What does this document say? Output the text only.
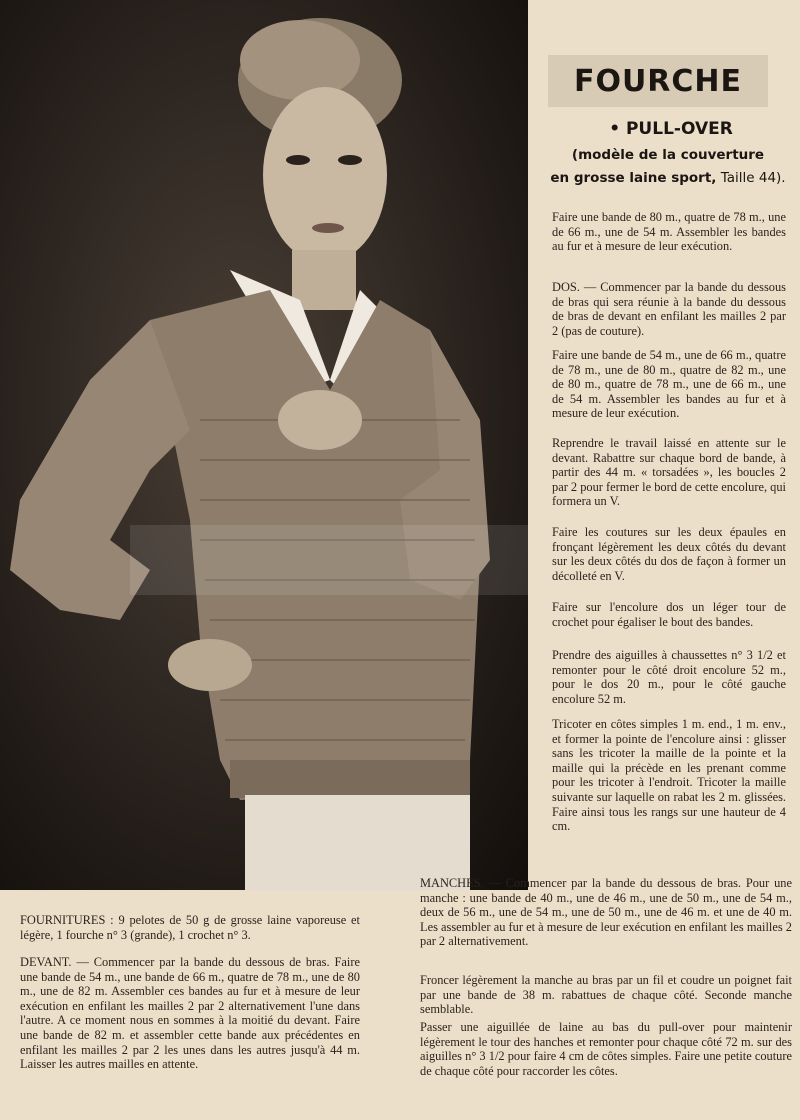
FOURCHE
• PULL-OVER
(modèle de la couverture
en grosse laine sport, Taille 44).
Faire une bande de 80 m., quatre de 78 m., une de 66 m., une de 54 m. Assembler les bandes au fur et à mesure de leur exécution.
DOS. — Commencer par la bande du dessous de bras qui sera réunie à la bande du dessous de bras de devant en enfilant les mailles 2 par 2 (pas de couture).
Faire une bande de 54 m., une de 66 m., quatre de 78 m., une de 80 m., quatre de 82 m., une de 80 m., quatre de 78 m., une de 66 m., une de 54 m. Assembler les bandes au fur et à mesure de leur exécution.
Reprendre le travail laissé en attente sur le devant. Rabattre sur chaque bord de bande, à partir des 44 m. « torsadées », les boucles 2 par 2 pour fermer le bord de cette encolure, qui formera un V.
Faire les coutures sur les deux épaules en fronçant légèrement les deux côtés du devant sur les deux côtés du dos de façon à former un décolleté en V.
Faire sur l'encolure dos un léger tour de crochet pour égaliser le bout des bandes.
Prendre des aiguilles à chaussettes n° 3 1/2 et remonter pour le côté droit encolure 52 m., pour le dos 20 m., pour le côté gauche encolure 52 m.
Tricoter en côtes simples 1 m. end., 1 m. env., et former la pointe de l'encolure ainsi : glisser sans les tricoter la maille de la pointe et la maille qui la précède en les prenant comme pour les tricoter à l'endroit. Tricoter la maille suivante sur laquelle on rabat les 2 m. glissées. Faire ainsi tous les rangs sur une hauteur de 4 cm.
MANCHES. — Commencer par la bande du dessous de bras. Pour une manche : une bande de 40 m., une de 46 m., une de 50 m., une de 54 m., deux de 56 m., une de 54 m., une de 50 m., une de 46 m. et une de 40 m. Les assembler au fur et à mesure de leur exécution en enfilant les mailles 2 par 2 alternativement.
Froncer légèrement la manche au bras par un fil et coudre un poignet fait par une bande de 38 m. rabattues de chaque côté. Seconde manche semblable.
Passer une aiguillée de laine au bas du pull-over pour maintenir légèrement le tour des hanches et remonter pour chaque côté 72 m. sur des aiguilles n° 3 1/2 pour faire 4 cm de côtes simples. Faire une petite couture de chaque côté pour raccorder les côtes.
FOURNITURES : 9 pelotes de 50 g de grosse laine vaporeuse et légère, 1 fourche n° 3 (grande), 1 crochet n° 3.
DEVANT. — Commencer par la bande du dessous de bras. Faire une bande de 54 m., une bande de 66 m., quatre de 78 m., une de 80 m., une de 82 m. Assembler ces bandes au fur et à mesure de leur exécution en enfilant les mailles 2 par 2 alternativement l'une dans l'autre. A ce moment nous en sommes à la moitié du devant. Faire une bande de 82 m. et assembler cette bande aux précédentes en enfilant les mailles 2 par 2 les unes dans les autres jusqu'à 44 m. Laisser les autres mailles en attente.
